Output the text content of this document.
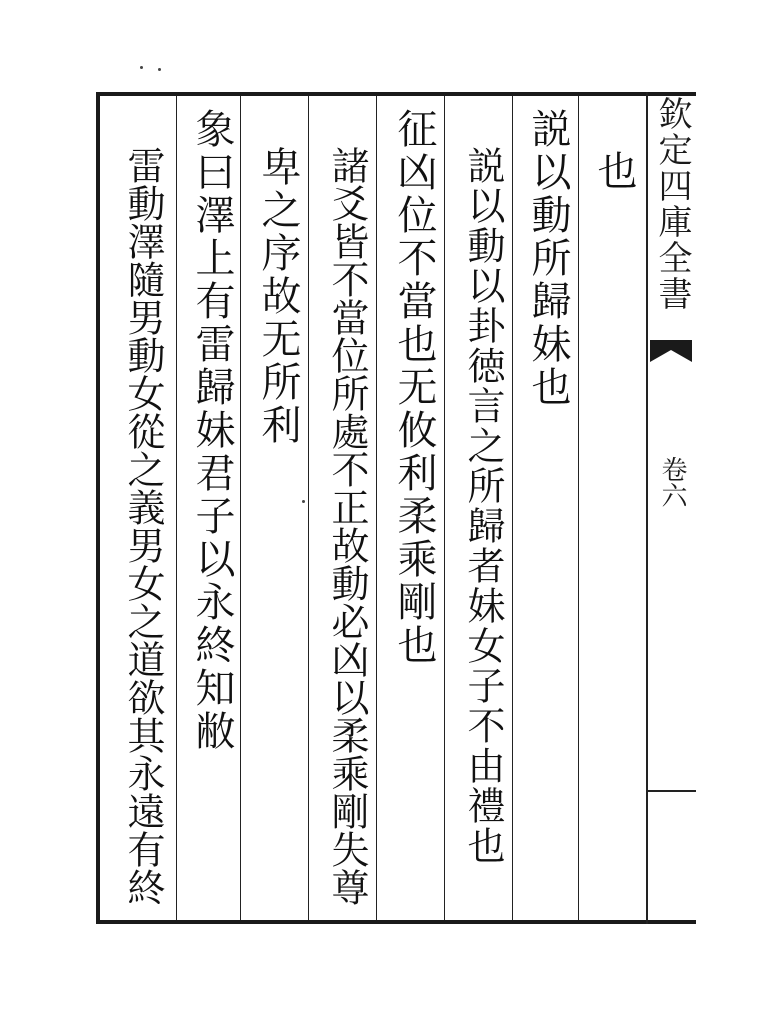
也
説以動所歸妹也
説以動以卦徳言之所歸者妹女子不由禮也
征凶位不當也无攸利柔乘剛也
諸爻皆不當位所處不正故動必凶以柔乘剛失尊
卑之序故无所利
象曰澤上有雷歸妹君子以永終知敝
雷動澤隨男動女從之義男女之道欲其永遠有終	欽定四庫全書
卷六
